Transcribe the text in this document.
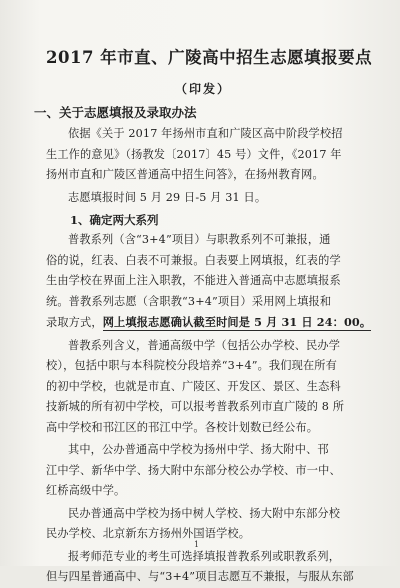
2017 年市直、广陵高中招生志愿填报要点
（印发）
一、关于志愿填报及录取办法
依据《关于 2017 年扬州市直和广陵区高中阶段学校招
生工作的意见》（扬教发〔2017〕45 号）文件，《2017 年
扬州市直和广陵区普通高中招生问答》，在扬州教育网。
志愿填报时间 5 月 29 日-5 月 31 日。
1、确定两大系列
普教系列（含“3+4”项目）与职教系列不可兼报，通
俗的说，红表、白表不可兼报。白表要上网填报，红表的学
生由学校在界面上注入职教，不能进入普通高中志愿填报系
统。普教系列志愿（含职教“3+4”项目）采用网上填报和
录取方式，网上填报志愿确认截至时间是 5 月 31 日 24：00。
普教系列含义，普通高级中学（包括公办学校、民办学
校），包括中职与本科院校分段培养“3+4”。我们现在所有
的初中学校，也就是市直、广陵区、开发区、景区、生态科
技新城的所有初中学校，可以报考普教系列市直广陵的 8 所
高中学校和邗江区的邗江中学。各校计划数已经公布。
其中，公办普通高中学校为扬州中学、扬大附中、邗
江中学、新华中学、扬大附中东部分校公办学校、市一中、
红桥高级中学。
民办普通高中学校为扬中树人学校、扬大附中东部分校
民办学校、北京新东方扬州外国语学校。
报考师范专业的考生可选择填报普教系列或职教系列，
但与四星普通高中、与“3+4”项目志愿互不兼报，与服从东部
1
